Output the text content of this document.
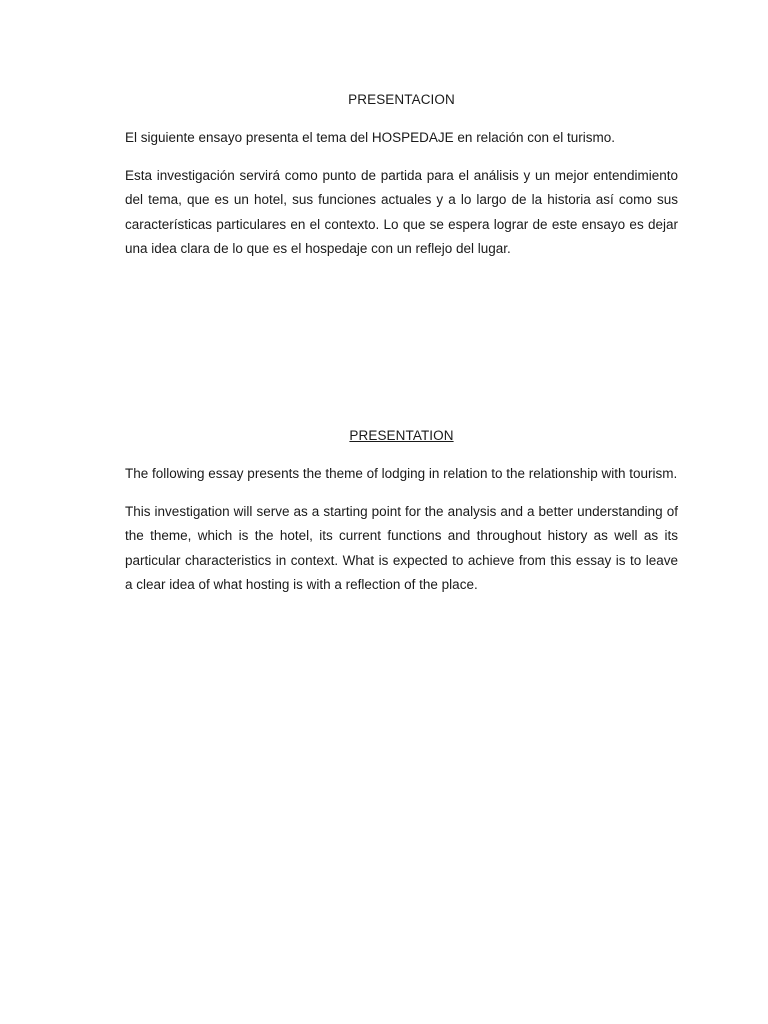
PRESENTACION

El siguiente ensayo presenta el tema del HOSPEDAJE en relación con el turismo.

Esta investigación servirá como punto de partida para el análisis y un mejor entendimiento del tema, que es un hotel, sus funciones actuales y a lo largo de la historia así como sus características particulares en el contexto. Lo que se espera lograr de este ensayo es dejar una idea clara de lo que es el hospedaje con un reflejo del lugar.

PRESENTATION

The following essay presents the theme of lodging in relation to the relationship with tourism.

This investigation will serve as a starting point for the analysis and a better understanding of the theme, which is the hotel, its current functions and throughout history as well as its particular characteristics in context. What is expected to achieve from this essay is to leave a clear idea of what hosting is with a reflection of the place.
